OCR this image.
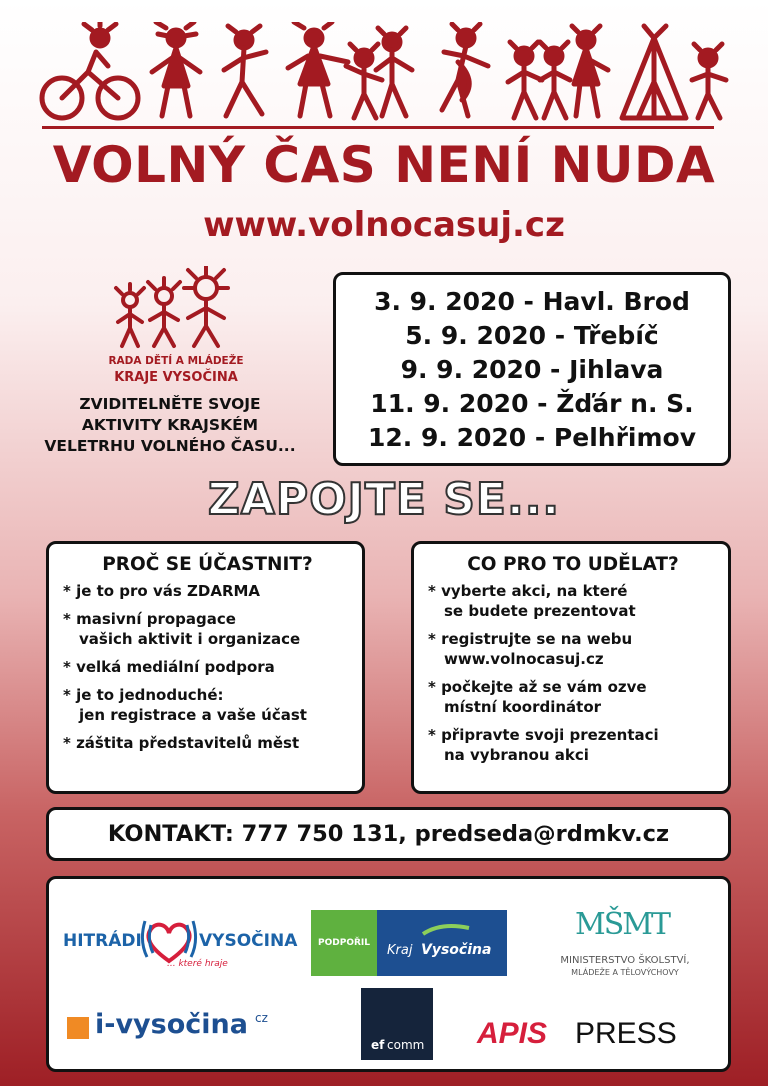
VOLNÝ ČAS NENÍ NUDA
www.volnocasuj.cz
RADA DĚTÍ A MLÁDEŽE
KRAJE VYSOČINA
ZVIDITELNĚTE SVOJE
AKTIVITY KRAJSKÉM
VELETRHU VOLNÉHO ČASU...
3. 9. 2020 - Havl. Brod
5. 9. 2020 - Třebíč
9. 9. 2020 - Jihlava
11. 9. 2020 - Žďár n. S.
12. 9. 2020 - Pelhřimov
ZAPOJTE SE...
PROČ SE ÚČASTNIT?
* je to pro vás ZDARMA
* masivní propagace
vašich aktivit i organizace
* velká mediální podpora
* je to jednoduché:
jen registrace a vaše účast
* záštita představitelů měst
CO PRO TO UDĚLAT?
* vyberte akci, na které
se budete prezentovat
* registrujte se na webu
www.volnocasuj.cz
* počkejte až se vám ozve
místní koordinátor
* připravte svoji prezentaci
na vybranou akci
KONTAKT: 777 750 131, predseda@rdmkv.cz
HITRÁDI	VYSOČINA
... které hraje
PODPOŘIL Kraj Vysočina
MŠMT
MINISTERSTVO ŠKOLSTVÍ,
MLÁDEŽE A TĚLOVÝCHOVY
i-vysočina cz
ef comm APIS PRESS
